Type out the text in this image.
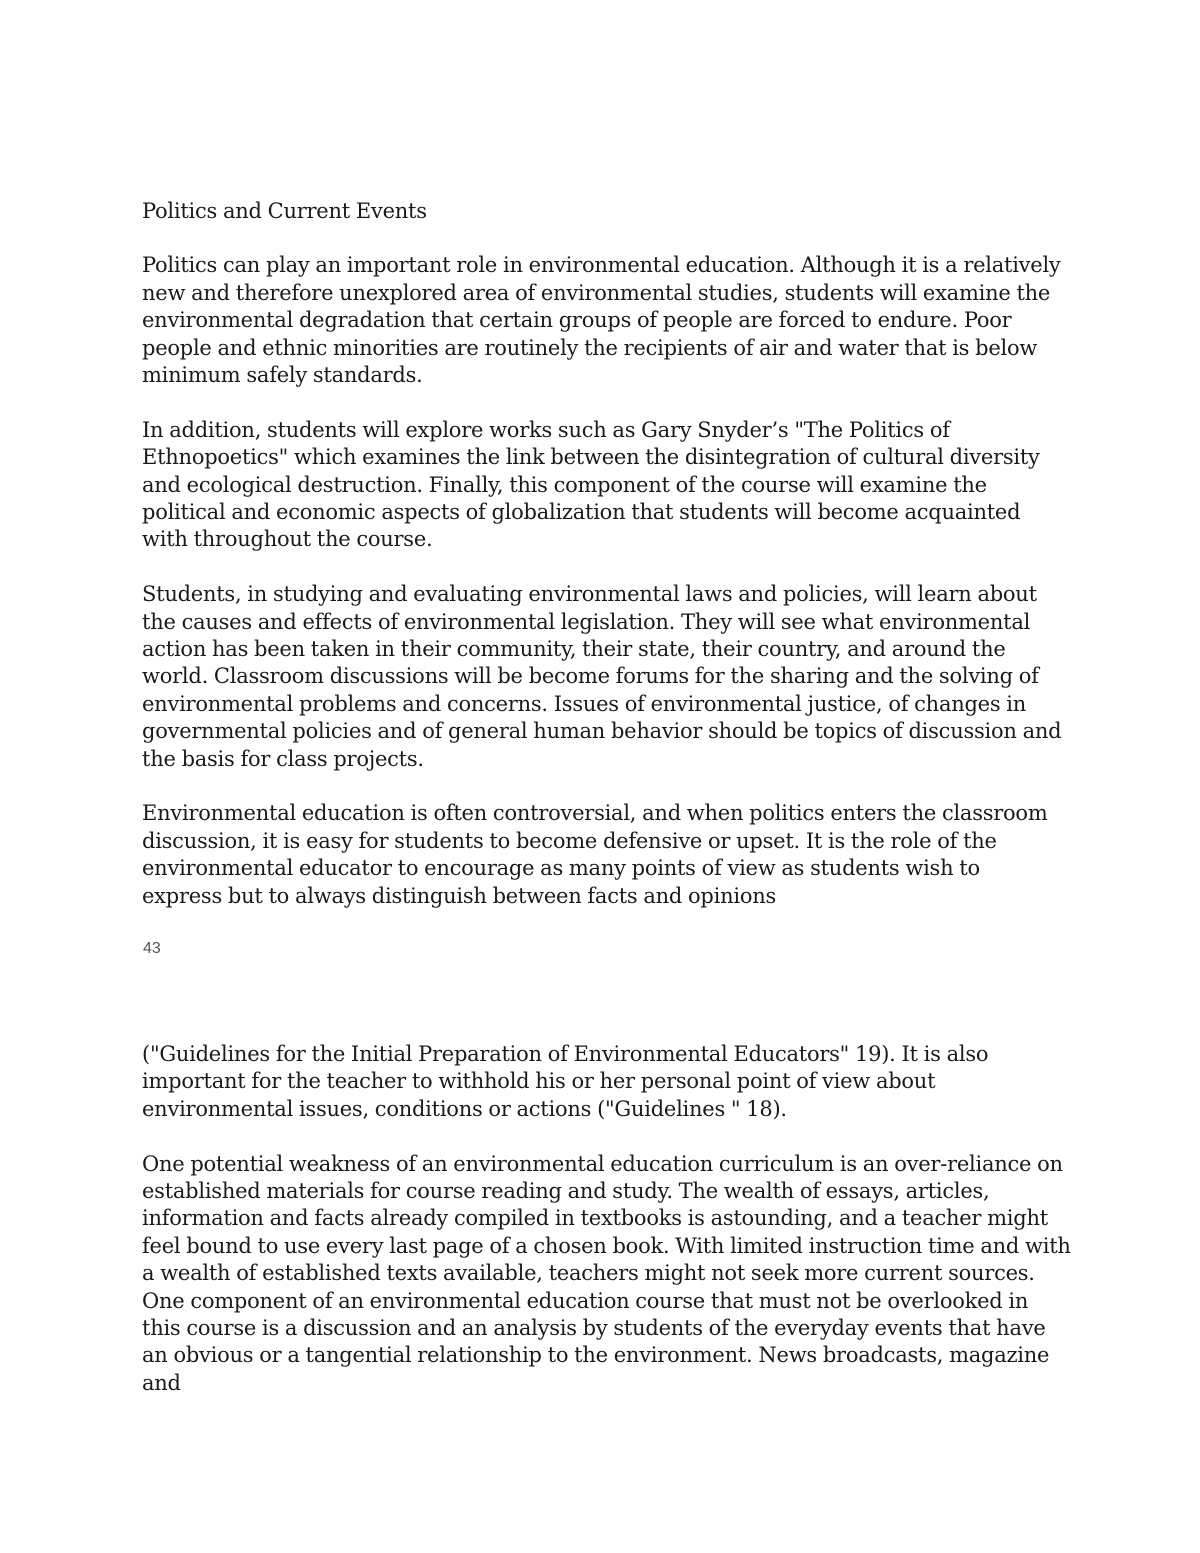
Politics and Current Events

Politics can play an important role in environmental education. Although it is a relatively new and therefore unexplored area of environmental studies, students will examine the environmental degradation that certain groups of people are forced to endure. Poor people and ethnic minorities are routinely the recipients of air and water that is below minimum safely standards.

In addition, students will explore works such as Gary Snyder’s "The Politics of Ethnopoetics" which examines the link between the disintegration of cultural diversity and ecological destruction. Finally, this component of the course will examine the political and economic aspects of globalization that students will become acquainted with throughout the course.

Students, in studying and evaluating environmental laws and policies, will learn about the causes and effects of environmental legislation. They will see what environmental action has been taken in their community, their state, their country, and around the world. Classroom discussions will be become forums for the sharing and the solving of environmental problems and concerns. Issues of environmental justice, of changes in governmental policies and of general human behavior should be topics of discussion and the basis for class projects.

Environmental education is often controversial, and when politics enters the classroom discussion, it is easy for students to become defensive or upset. It is the role of the environmental educator to encourage as many points of view as students wish to express but to always distinguish between facts and opinions

43

("Guidelines for the Initial Preparation of Environmental Educators" 19). It is also important for the teacher to withhold his or her personal point of view about environmental issues, conditions or actions ("Guidelines " 18).

One potential weakness of an environmental education curriculum is an over-reliance on established materials for course reading and study. The wealth of essays, articles, information and facts already compiled in textbooks is astounding, and a teacher might feel bound to use every last page of a chosen book. With limited instruction time and with a wealth of established texts available, teachers might not seek more current sources. One component of an environmental education course that must not be overlooked in this course is a discussion and an analysis by students of the everyday events that have an obvious or a tangential relationship to the environment. News broadcasts, magazine and
